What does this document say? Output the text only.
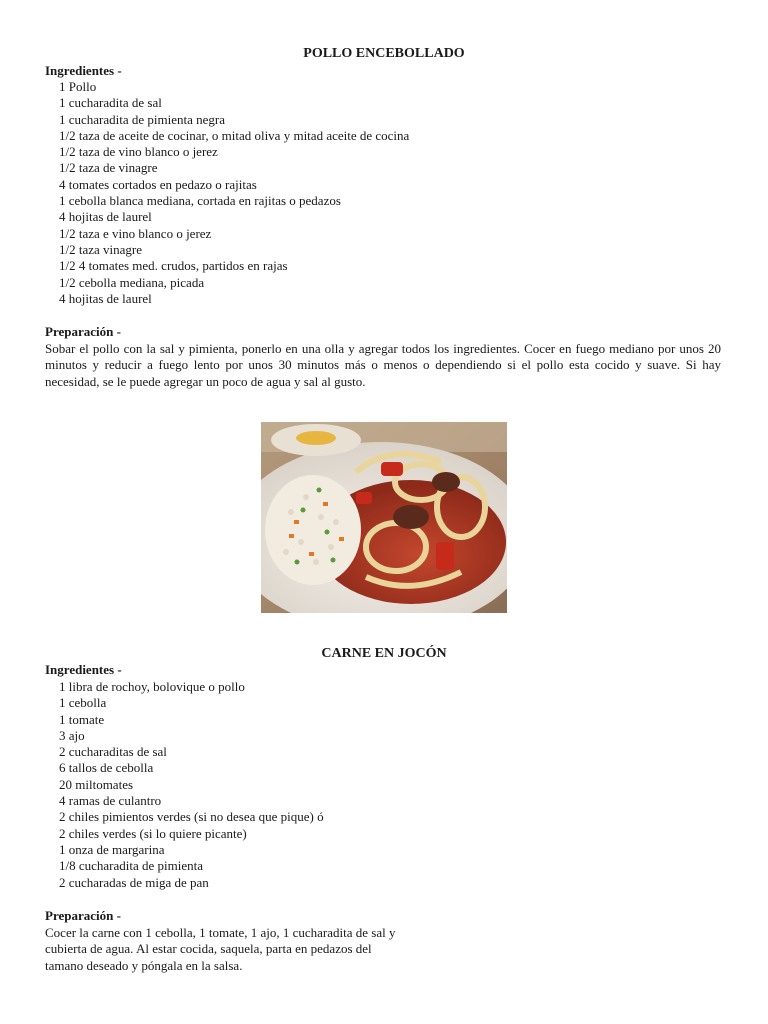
POLLO ENCEBOLLADO
Ingredientes -
1 Pollo
1 cucharadita de sal
1 cucharadita de pimienta negra
1/2 taza de aceite de cocinar, o mitad oliva y mitad aceite de cocina
1/2 taza de vino blanco o jerez
1/2 taza de vinagre
4 tomates cortados en pedazo o rajitas
1 cebolla blanca mediana, cortada en rajitas o pedazos
4 hojitas de laurel
1/2 taza e vino blanco o jerez
1/2 taza vinagre
1/2 4 tomates med. crudos, partidos en rajas
1/2 cebolla mediana, picada
4 hojitas de laurel
Preparación -

Sobar el pollo con la sal y pimienta, ponerlo en una olla y agregar todos los ingredientes. Cocer en fuego mediano por unos 20 minutos y reducir a fuego lento por unos 30 minutos más o menos o dependiendo si el pollo esta cocido y suave. Si hay necesidad, se le puede agregar un poco de agua y sal al gusto.

CARNE EN JOCÓN
Ingredientes -
1 libra de rochoy, bolovique o pollo
1 cebolla
1 tomate
3 ajo
2 cucharaditas de sal
6 tallos de cebolla
20 miltomates
4 ramas de culantro
2 chiles pimientos verdes (si no desea que pique) ó
2 chiles verdes (si lo quiere picante)
1 onza de margarina
1/8 cucharadita de pimienta
2 cucharadas de miga de pan
Preparación -
Cocer la carne con 1 cebolla, 1 tomate, 1 ajo, 1 cucharadita de sal y
cubierta de agua. Al estar cocida, saquela, parta en pedazos del
tamano deseado y póngala en la salsa.
